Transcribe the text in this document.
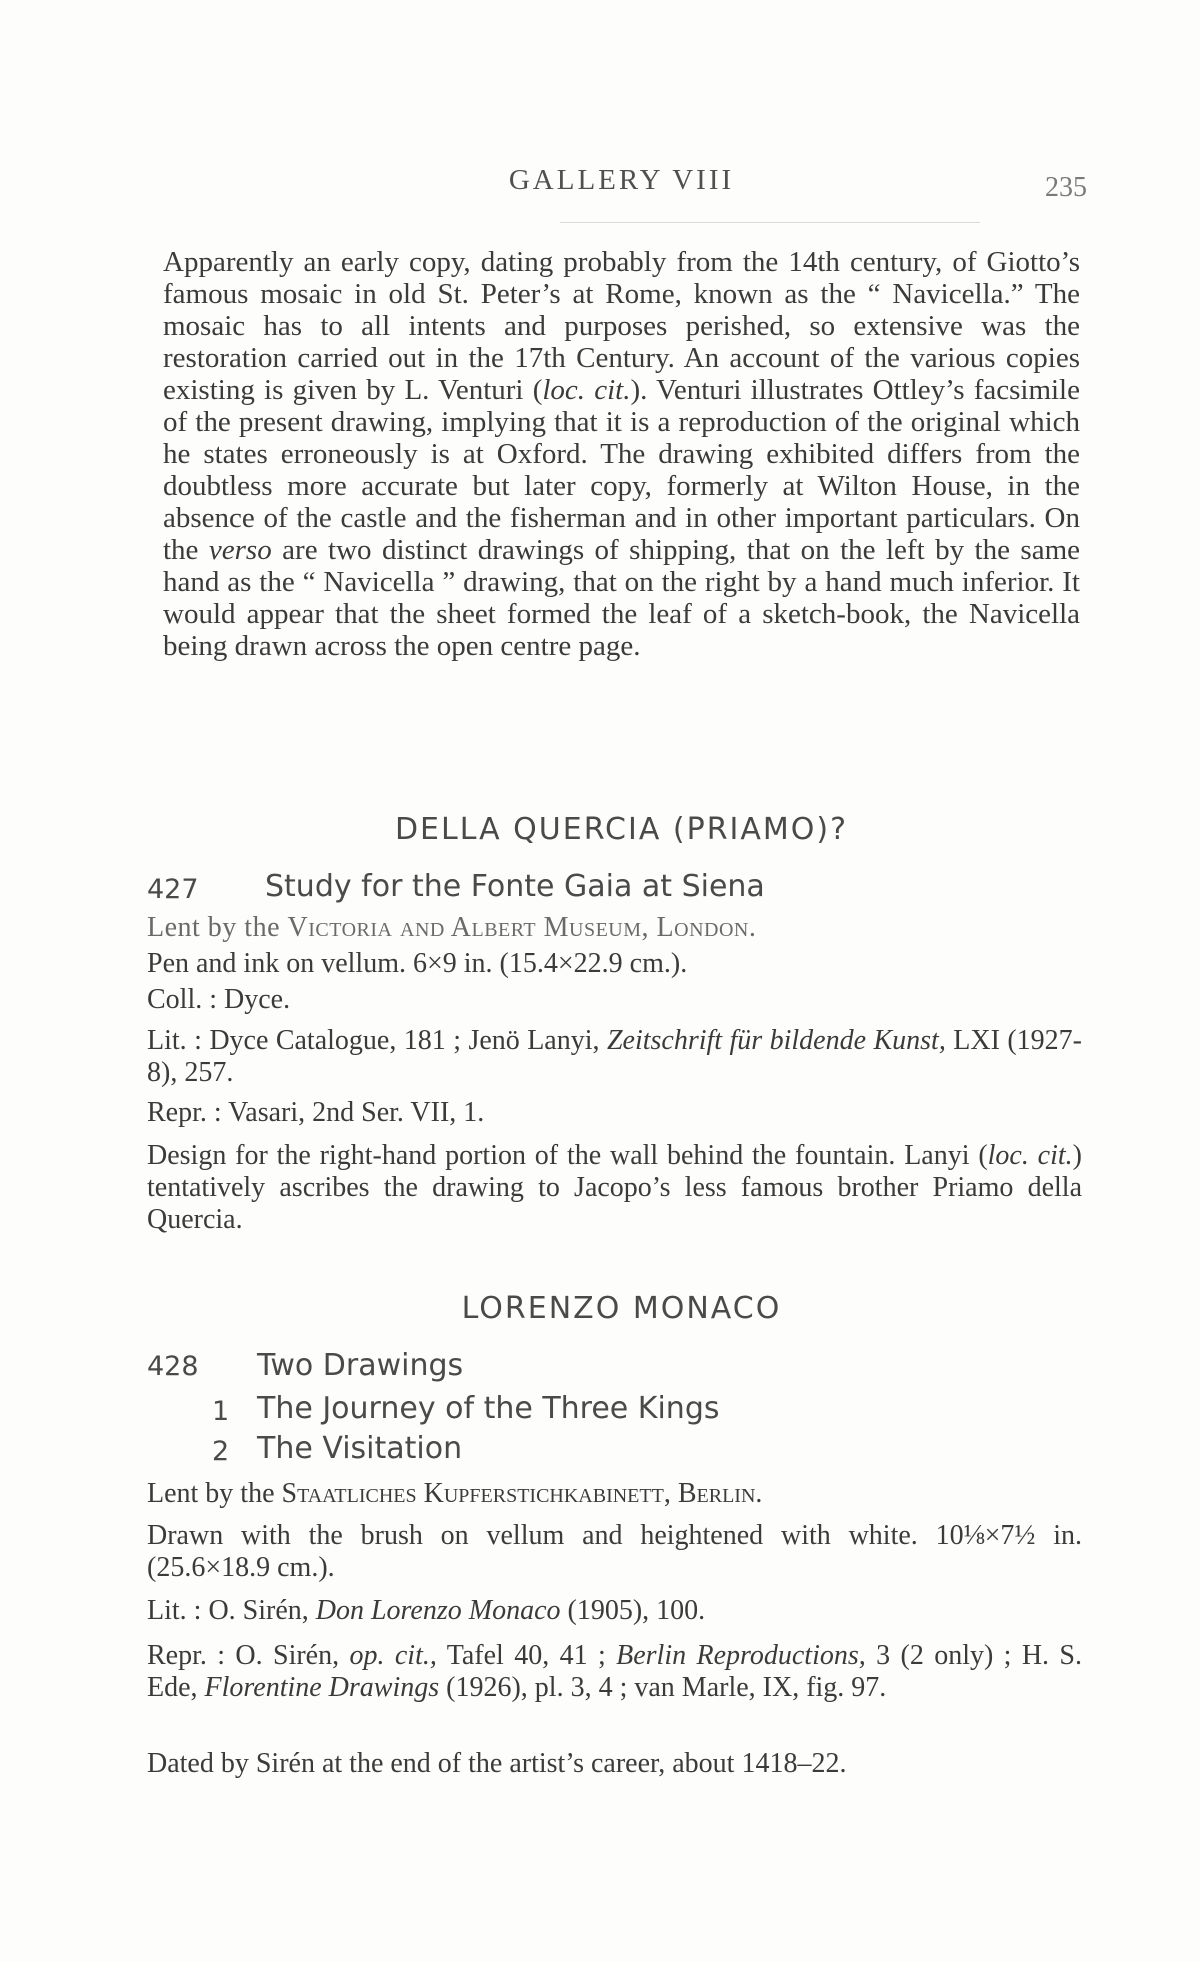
GALLERY VIII	235

Apparently an early copy, dating probably from the 14th century, of Giotto’s famous mosaic in old St. Peter’s at Rome, known as the “ Navicella.” The mosaic has to all intents and purposes perished, so extensive was the restoration carried out in the 17th Century. An account of the various copies existing is given by L. Venturi (loc. cit.). Venturi illustrates Ottley’s facsimile of the present drawing, implying that it is a reproduction of the original which he states erroneously is at Oxford. The drawing exhibited differs from the doubtless more accurate but later copy, formerly at Wilton House, in the absence of the castle and the fisherman and in other important particulars. On the verso are two distinct drawings of shipping, that on the left by the same hand as the “ Navicella ” drawing, that on the right by a hand much inferior. It would appear that the sheet formed the leaf of a sketch-book, the Navicella being drawn across the open centre page.

DELLA QUERCIA (PRIAMO)?
427 Study for the Fonte Gaia at Siena

Lent by the Victoria and Albert Museum, London.

Pen and ink on vellum. 6×9 in. (15.4×22.9 cm.).

Coll. : Dyce.

Lit. : Dyce Catalogue, 181 ; Jenö Lanyi, Zeitschrift für bildende Kunst, LXI (1927-8), 257.

Repr. : Vasari, 2nd Ser. VII, 1.

Design for the right-hand portion of the wall behind the fountain. Lanyi (loc. cit.) tentatively ascribes the drawing to Jacopo’s less famous brother Priamo della Quercia.

LORENZO MONACO
428 Two Drawings
1 The Journey of the Three Kings
2 The Visitation

Lent by the Staatliches Kupferstichkabinett, Berlin.

Drawn with the brush on vellum and heightened with white. 10⅛×7½ in. (25.6×18.9 cm.).

Lit. : O. Sirén, Don Lorenzo Monaco (1905), 100.

Repr. : O. Sirén, op. cit., Tafel 40, 41 ; Berlin Reproductions, 3 (2 only) ; H. S. Ede, Florentine Drawings (1926), pl. 3, 4 ; van Marle, IX, fig. 97.

Dated by Sirén at the end of the artist’s career, about 1418–22.
